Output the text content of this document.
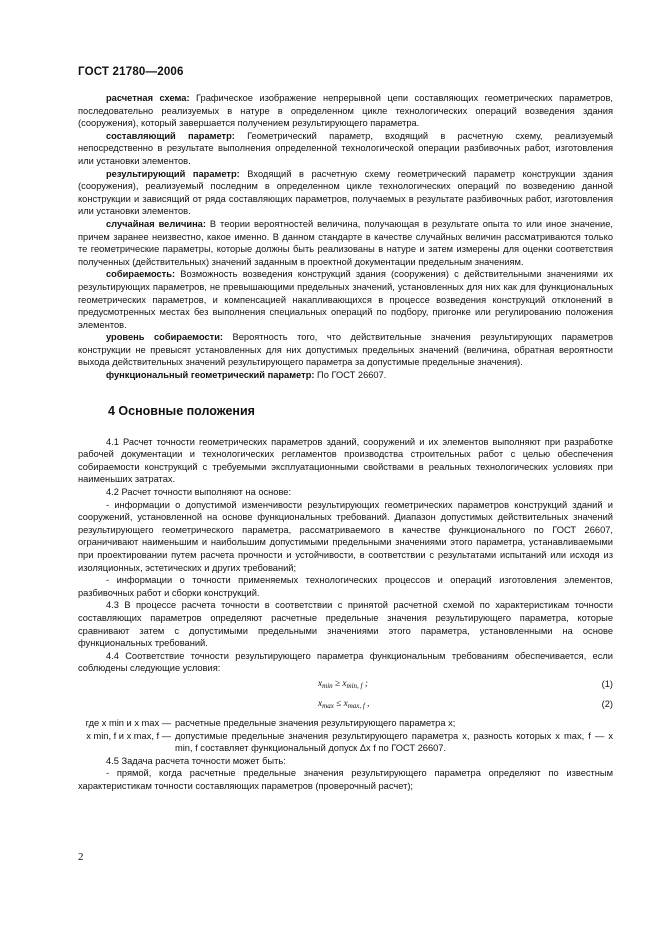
ГОСТ 21780—2006

расчетная схема: Графическое изображение непрерывной цепи составляющих геометрических параметров, последовательно реализуемых в натуре в определенном цикле технологических операций возведения здания (сооружения), который завершается получением результирующего параметра.

составляющий параметр: Геометрический параметр, входящий в расчетную схему, реализуемый непосредственно в результате выполнения определенной технологической операции разбивочных работ, изготовления или установки элементов.

результирующий параметр: Входящий в расчетную схему геометрический параметр конструкции здания (сооружения), реализуемый последним в определенном цикле технологических операций по возведению данной конструкции и зависящий от ряда составляющих параметров, получаемых в результате разбивочных работ, изготовления или установки элементов.

случайная величина: В теории вероятностей величина, получающая в результате опыта то или иное значение, причем заранее неизвестно, какое именно. В данном стандарте в качестве случайных величин рассматриваются только те геометрические параметры, которые должны быть реализованы в натуре и затем измерены для оценки соответствия полученных (действительных) значений заданным в проектной документации предельным значениям.

собираемость: Возможность возведения конструкций здания (сооружения) с действительными значениями их результирующих параметров, не превышающими предельных значений, установленных для них как для функциональных геометрических параметров, и компенсацией накапливающихся в процессе возведения конструкций отклонений в предусмотренных местах без выполнения специальных операций по подбору, пригонке или регулированию положения элементов.

уровень собираемости: Вероятность того, что действительные значения результирующих параметров конструкции не превысят установленных для них допустимых предельных значений (величина, обратная вероятности выхода действительных значений результирующего параметра за допустимые предельные значения).

функциональный геометрический параметр: По ГОСТ 26607.

4 Основные положения

4.1 Расчет точности геометрических параметров зданий, сооружений и их элементов выполняют при разработке рабочей документации и технологических регламентов производства строительных работ с целью обеспечения собираемости конструкций с требуемыми эксплуатационными свойствами в реальных технологических условиях при наименьших затратах.

4.2 Расчет точности выполняют на основе:

- информации о допустимой изменчивости результирующих геометрических параметров конструкций зданий и сооружений, установленной на основе функциональных требований. Диапазон допустимых действительных значений результирующего геометрического параметра, рассматриваемого в качестве функционального по ГОСТ 26607, ограничивают наименьшим и наибольшим допустимыми предельными значениями этого параметра, устанавливаемыми при проектировании путем расчета прочности и устойчивости, в соответствии с результатами испытаний или исходя из изоляционных, эстетических и других требований;

- информации о точности применяемых технологических процессов и операций изготовления элементов, разбивочных работ и сборки конструкций.

4.3 В процессе расчета точности в соответствии с принятой расчетной схемой по характеристикам точности составляющих параметров определяют расчетные предельные значения результирующего параметра, которые сравнивают затем с допустимыми предельными значениями этого параметра, установленными на основе функциональных требований.

4.4 Соответствие точности результирующего параметра функциональным требованиям обеспечивается, если соблюдены следующие условия:

$x_{min} \ge x_{min, f}$ ;	(1)
$x_{max} \le x_{max, f}$ ,	(2)
где x min и x max — расчетные предельные значения результирующего параметра x;
x min, f и x max, f — допустимые предельные значения результирующего параметра x, разность которых x max, f — x min, f составляет функциональный допуск Δx f по ГОСТ 26607.

4.5 Задача расчета точности может быть:

- прямой, когда расчетные предельные значения результирующего параметра определяют по известным характеристикам точности составляющих параметров (проверочный расчет);

2
